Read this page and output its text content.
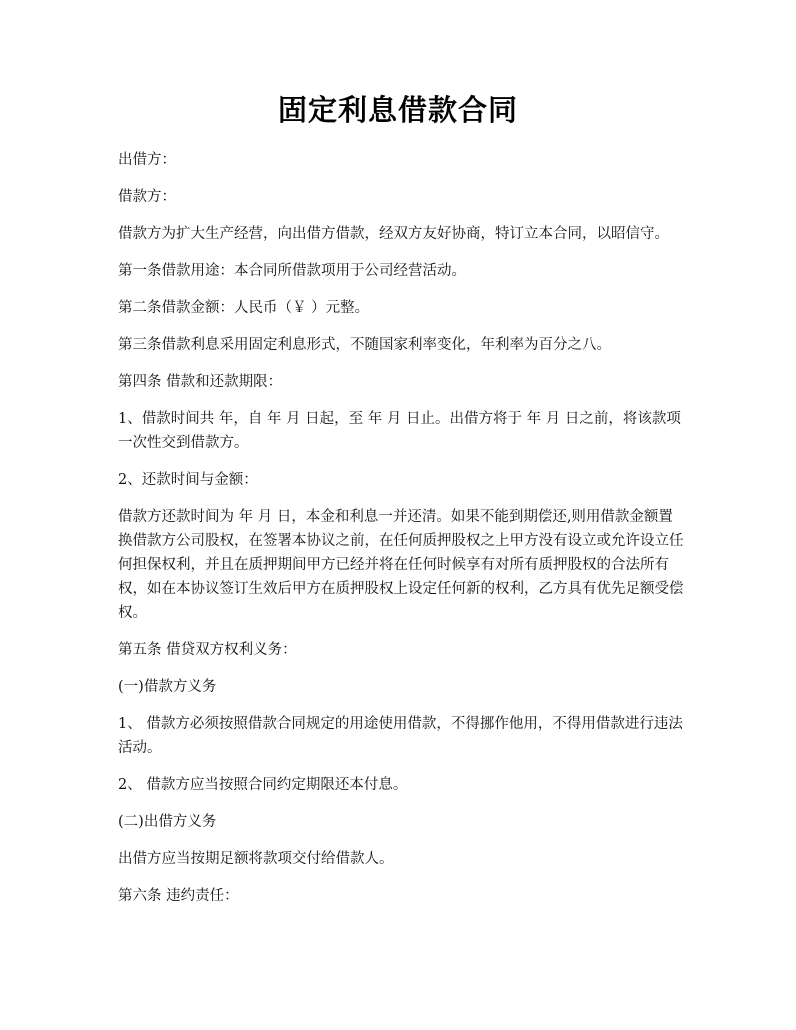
固定利息借款合同

出借方：

借款方：

借款方为扩大生产经营，向出借方借款，经双方友好协商，特订立本合同，以昭信守。

第一条借款用途：本合同所借款项用于公司经营活动。

第二条借款金额：人民币（￥ ）元整。

第三条借款利息采用固定利息形式，不随国家利率变化，年利率为百分之八。

第四条 借款和还款期限：

1、借款时间共 年，自 年 月 日起，至 年 月 日止。出借方将于 年 月 日之前，将该款项一次性交到借款方。

2、还款时间与金额：

借款方还款时间为 年 月 日，本金和利息一并还清。如果不能到期偿还,则用借款金额置换借款方公司股权，在签署本协议之前，在任何质押股权之上甲方没有设立或允许设立任何担保权利，并且在质押期间甲方已经并将在任何时候享有对所有质押股权的合法所有权，如在本协议签订生效后甲方在质押股权上设定任何新的权利，乙方具有优先足额受偿权。

第五条 借贷双方权利义务：

(一)借款方义务

1、 借款方必须按照借款合同规定的用途使用借款，不得挪作他用，不得用借款进行违法活动。

2、 借款方应当按照合同约定期限还本付息。

(二)出借方义务

出借方应当按期足额将款项交付给借款人。

第六条 违约责任：
